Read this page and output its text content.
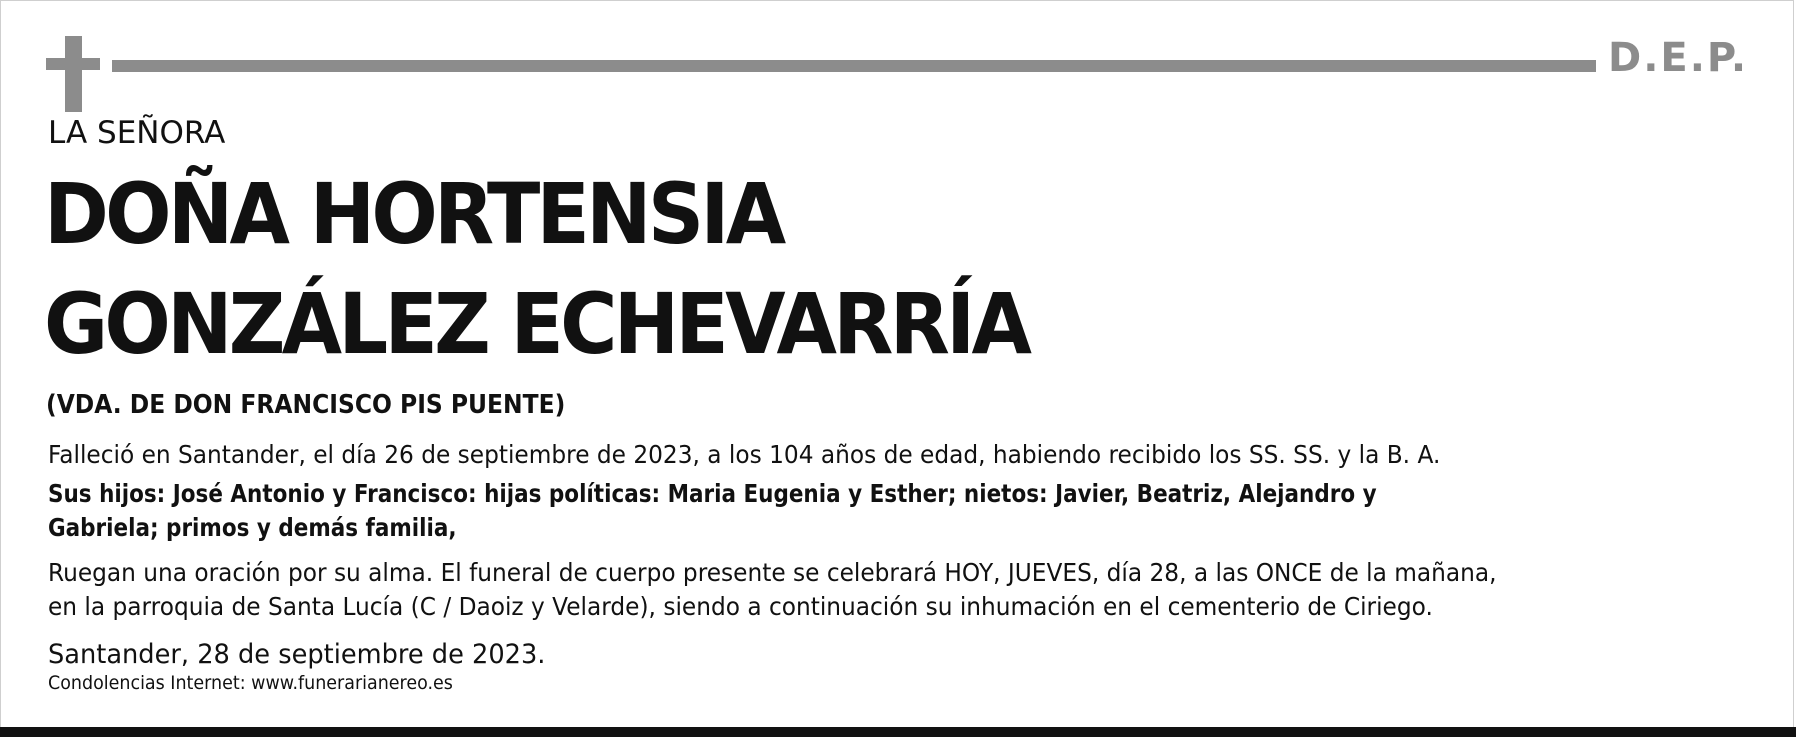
D.E.P.
LA SEÑORA
DOÑA HORTENSIA
GONZÁLEZ ECHEVARRÍA
(VDA. DE DON FRANCISCO PIS PUENTE)
Falleció en Santander, el día 26 de septiembre de 2023, a los 104 años de edad, habiendo recibido los SS. SS. y la B. A.
Sus hijos: José Antonio y Francisco: hijas políticas: Maria Eugenia y Esther; nietos: Javier, Beatriz, Alejandro y Gabriela; primos y demás familia,
Ruegan una oración por su alma. El funeral de cuerpo presente se celebrará HOY, JUEVES, día 28, a las ONCE de la mañana, en la parroquia de Santa Lucía (C / Daoiz y Velarde), siendo a continuación su inhumación en el cementerio de Ciriego.
Santander, 28 de septiembre de 2023.
Condolencias Internet: www.funerarianereo.es
